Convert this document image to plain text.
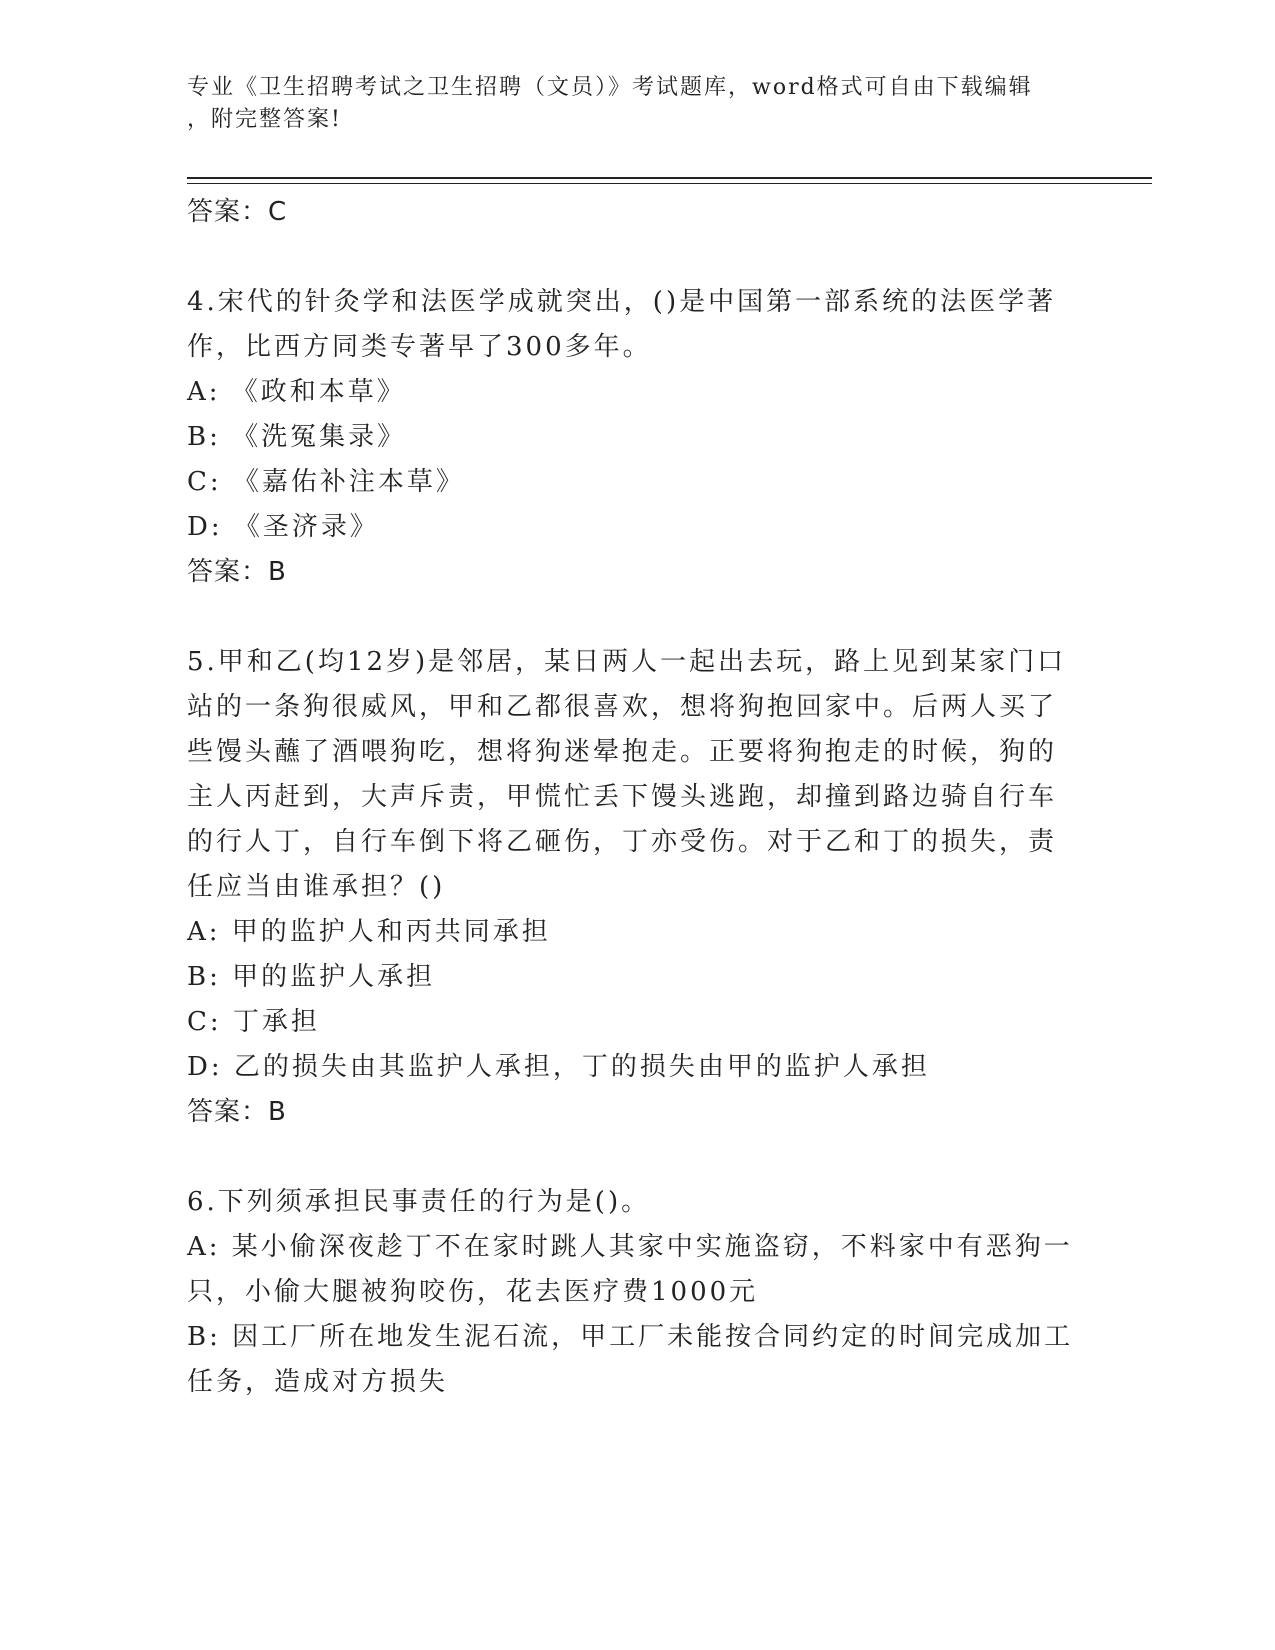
专业《卫生招聘考试之卫生招聘（文员）》考试题库，word格式可自由下载编辑
，附完整答案!
答案：C
4.宋代的针灸学和法医学成就突出，()是中国第一部系统的法医学著
作，比西方同类专著早了300多年。
A: 《政和本草》
B: 《洗冤集录》
C: 《嘉佑补注本草》
D: 《圣济录》
答案：B
5.甲和乙(均12岁)是邻居，某日两人一起出去玩，路上见到某家门口
站的一条狗很威风，甲和乙都很喜欢，想将狗抱回家中。后两人买了
些馒头蘸了酒喂狗吃，想将狗迷晕抱走。正要将狗抱走的时候，狗的
主人丙赶到，大声斥责，甲慌忙丢下馒头逃跑，却撞到路边骑自行车
的行人丁，自行车倒下将乙砸伤，丁亦受伤。对于乙和丁的损失，责
任应当由谁承担？()
A: 甲的监护人和丙共同承担
B: 甲的监护人承担
C: 丁承担
D: 乙的损失由其监护人承担，丁的损失由甲的监护人承担
答案：B
6.下列须承担民事责任的行为是()。
A: 某小偷深夜趁丁不在家时跳人其家中实施盗窃，不料家中有恶狗一
只，小偷大腿被狗咬伤，花去医疗费1000元
B: 因工厂所在地发生泥石流，甲工厂未能按合同约定的时间完成加工
任务，造成对方损失
